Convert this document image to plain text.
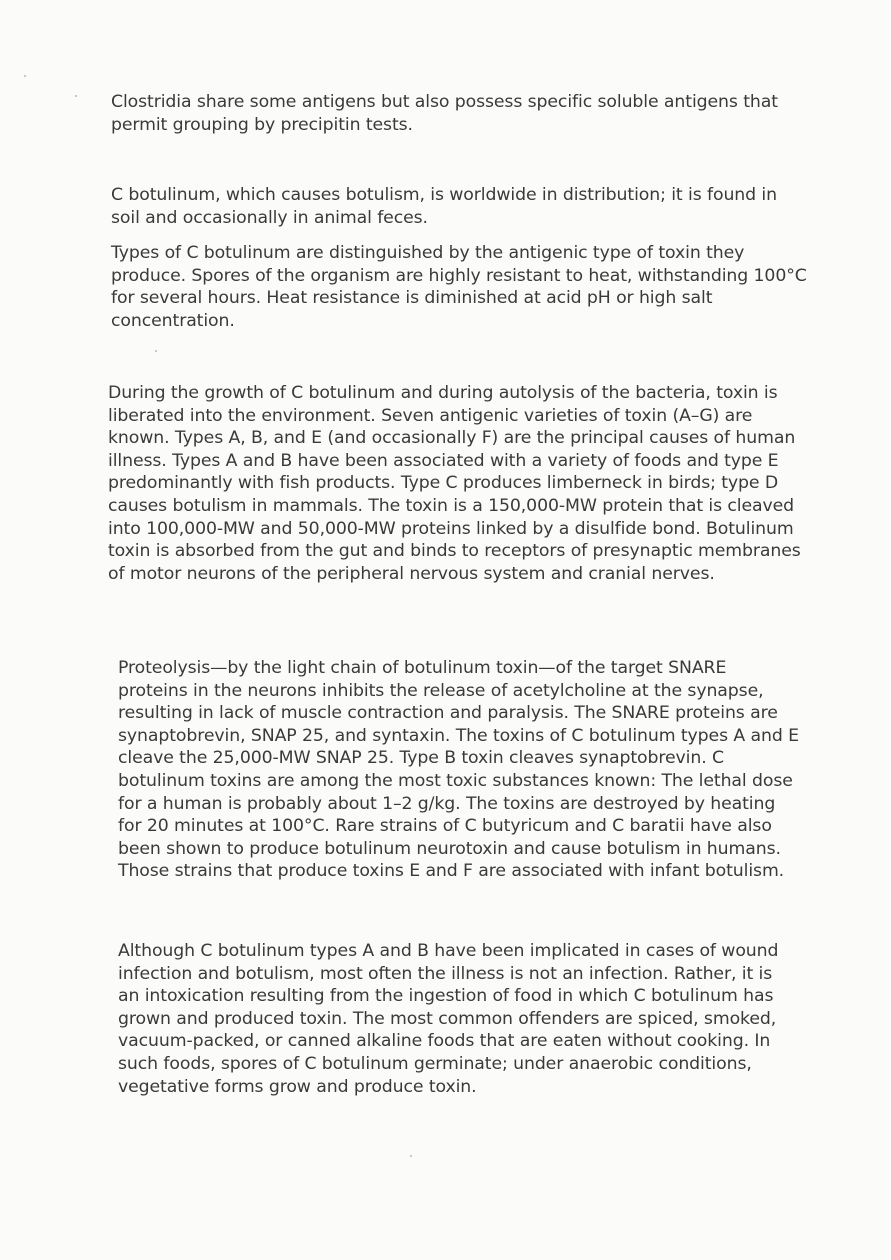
Clostridia share some antigens but also possess specific soluble antigens that
permit grouping by precipitin tests.

C botulinum, which causes botulism, is worldwide in distribution; it is found in
soil and occasionally in animal feces.

Types of C botulinum are distinguished by the antigenic type of toxin they
produce. Spores of the organism are highly resistant to heat, withstanding 100°C
for several hours. Heat resistance is diminished at acid pH or high salt
concentration.

During the growth of C botulinum and during autolysis of the bacteria, toxin is
liberated into the environment. Seven antigenic varieties of toxin (A–G) are
known. Types A, B, and E (and occasionally F) are the principal causes of human
illness. Types A and B have been associated with a variety of foods and type E
predominantly with fish products. Type C produces limberneck in birds; type D
causes botulism in mammals. The toxin is a 150,000-MW protein that is cleaved
into 100,000-MW and 50,000-MW proteins linked by a disulfide bond. Botulinum
toxin is absorbed from the gut and binds to receptors of presynaptic membranes
of motor neurons of the peripheral nervous system and cranial nerves.

Proteolysis—by the light chain of botulinum toxin—of the target SNARE
proteins in the neurons inhibits the release of acetylcholine at the synapse,
resulting in lack of muscle contraction and paralysis. The SNARE proteins are
synaptobrevin, SNAP 25, and syntaxin. The toxins of C botulinum types A and E
cleave the 25,000-MW SNAP 25. Type B toxin cleaves synaptobrevin. C
botulinum toxins are among the most toxic substances known: The lethal dose
for a human is probably about 1–2 g/kg. The toxins are destroyed by heating
for 20 minutes at 100°C. Rare strains of C butyricum and C baratii have also
been shown to produce botulinum neurotoxin and cause botulism in humans.
Those strains that produce toxins E and F are associated with infant botulism.

Although C botulinum types A and B have been implicated in cases of wound
infection and botulism, most often the illness is not an infection. Rather, it is
an intoxication resulting from the ingestion of food in which C botulinum has
grown and produced toxin. The most common offenders are spiced, smoked,
vacuum-packed, or canned alkaline foods that are eaten without cooking. In
such foods, spores of C botulinum germinate; under anaerobic conditions,
vegetative forms grow and produce toxin.
